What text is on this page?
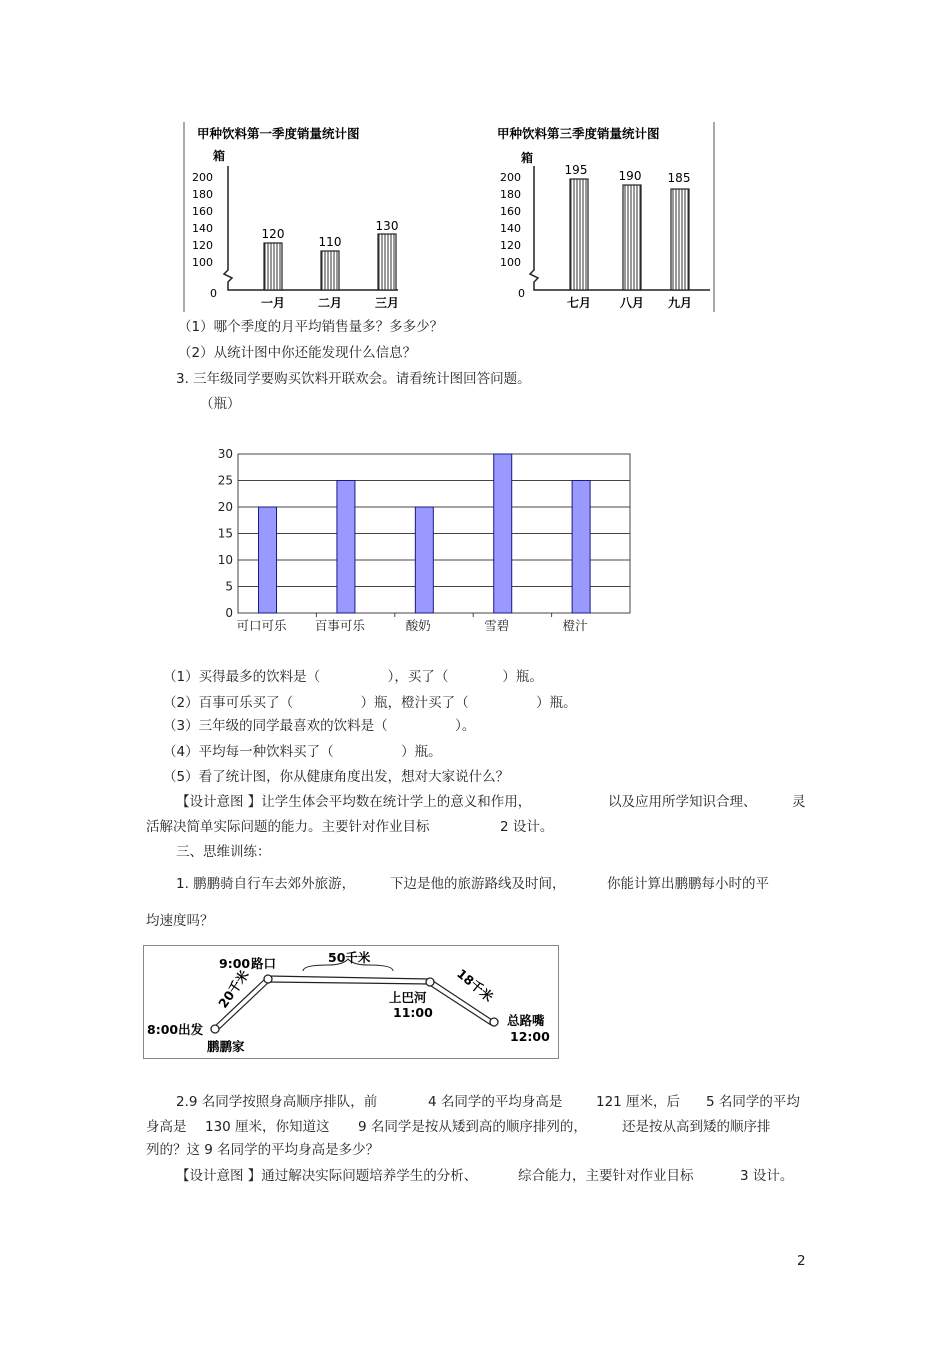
甲种饮料第一季度销量统计图
箱
200
180
160
140
120
100
0
120
110
130
一月	二月	三月
甲种饮料第三季度销量统计图
箱
200
180
160
140
120
100
0
195	190 185
七月 八月 九月
（1）哪个季度的月平均销售量多？多多少？
（2）从统计图中你还能发现什么信息？
3. 三年级同学要购买饮料开联欢会。请看统计图回答问题。
（瓶）
0
5
10
15
20
25
30
可口可乐 百事可乐	酸奶	雪碧	橙汁
（1）买得最多的饮料是（　　　　　），买了（　　　　）瓶。
（2）百事可乐买了（　　　　　）瓶，橙汁买了（　　　　　）瓶。
（3）三年级的同学最喜欢的饮料是（　　　　　）。
（4）平均每一种饮料买了（　　　　　）瓶。
（5）看了统计图，你从健康角度出发，想对大家说什么？
【设计意图 】让学生体会平均数在统计学上的意义和作用，	以及应用所学知识合理、	灵
活解决简单实际问题的能力。主要针对作业目标	2 设计。
三、思维训练：
1. 鹏鹏骑自行车去郊外旅游，	下边是他的旅游路线及时间，	你能计算出鹏鹏每小时的平
均速度吗？
9:00 路口	50千米
上巴河
11:00
总路嘴
12:00
8:00出发
鹏鹏家
20千米	18千米
2.9 名同学按照身高顺序排队，前	4 名同学的平均身高是 121 厘米，后 5 名同学的平均
身高是 130 厘米，你知道这 9 名同学是按从矮到高的顺序排列的，	还是按从高到矮的顺序排
列的？这 9 名同学的平均身高是多少？
【设计意图 】通过解决实际问题培养学生的分析、	综合能力，主要针对作业目标	3 设计。
2
